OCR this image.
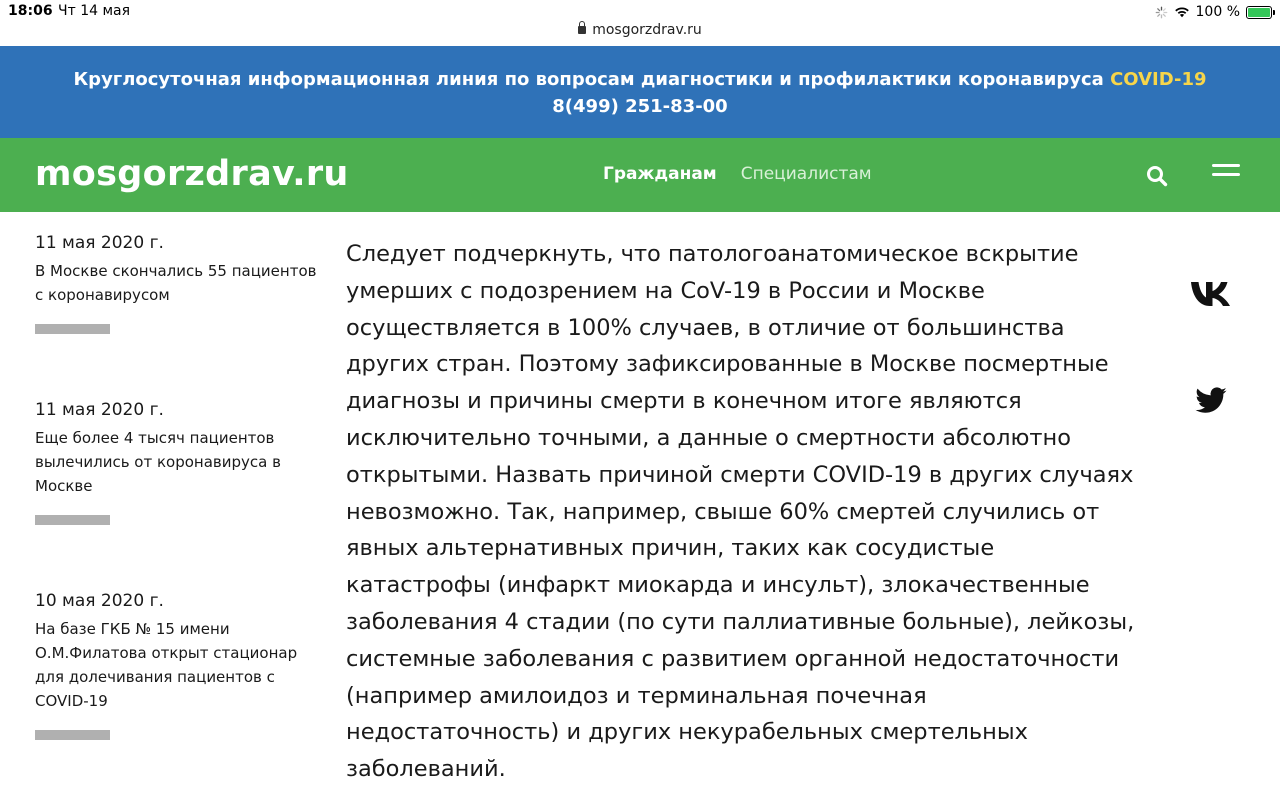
18:06 Чт 14 мая
mosgorzdrav.ru
100 %
Круглосуточная информационная линия по вопросам диагностики и профилактики коронавируса COVID-19
8(499) 251-83-00
mosgorzdrav.ru	Гражданам Специалистам
11 мая 2020 г.
В Москве скончались 55 пациентов с коронавирусом
11 мая 2020 г.
Еще более 4 тысяч пациентов вылечились от коронавируса в Москве
10 мая 2020 г.
На базе ГКБ № 15 имени О.М.Филатова открыт стационар для долечивания пациентов с COVID-19
Следует подчеркнуть, что патологоанатомическое вскрытие умерших с подозрением на CoV-19 в России и Москве осуществляется в 100% случаев, в отличие от большинства других стран. Поэтому зафиксированные в Москве посмертные диагнозы и причины смерти в конечном итоге являются исключительно точными, а данные о смертности абсолютно открытыми. Назвать причиной смерти COVID-19 в других случаях невозможно. Так, например, свыше 60% смертей случились от явных альтернативных причин, таких как сосудистые катастрофы (инфаркт миокарда и инсульт), злокачественные заболевания 4 стадии (по сути паллиативные больные), лейкозы, системные заболевания с развитием органной недостаточности (например амилоидоз и терминальная почечная недостаточность) и других некурабельных смертельных заболеваний.
